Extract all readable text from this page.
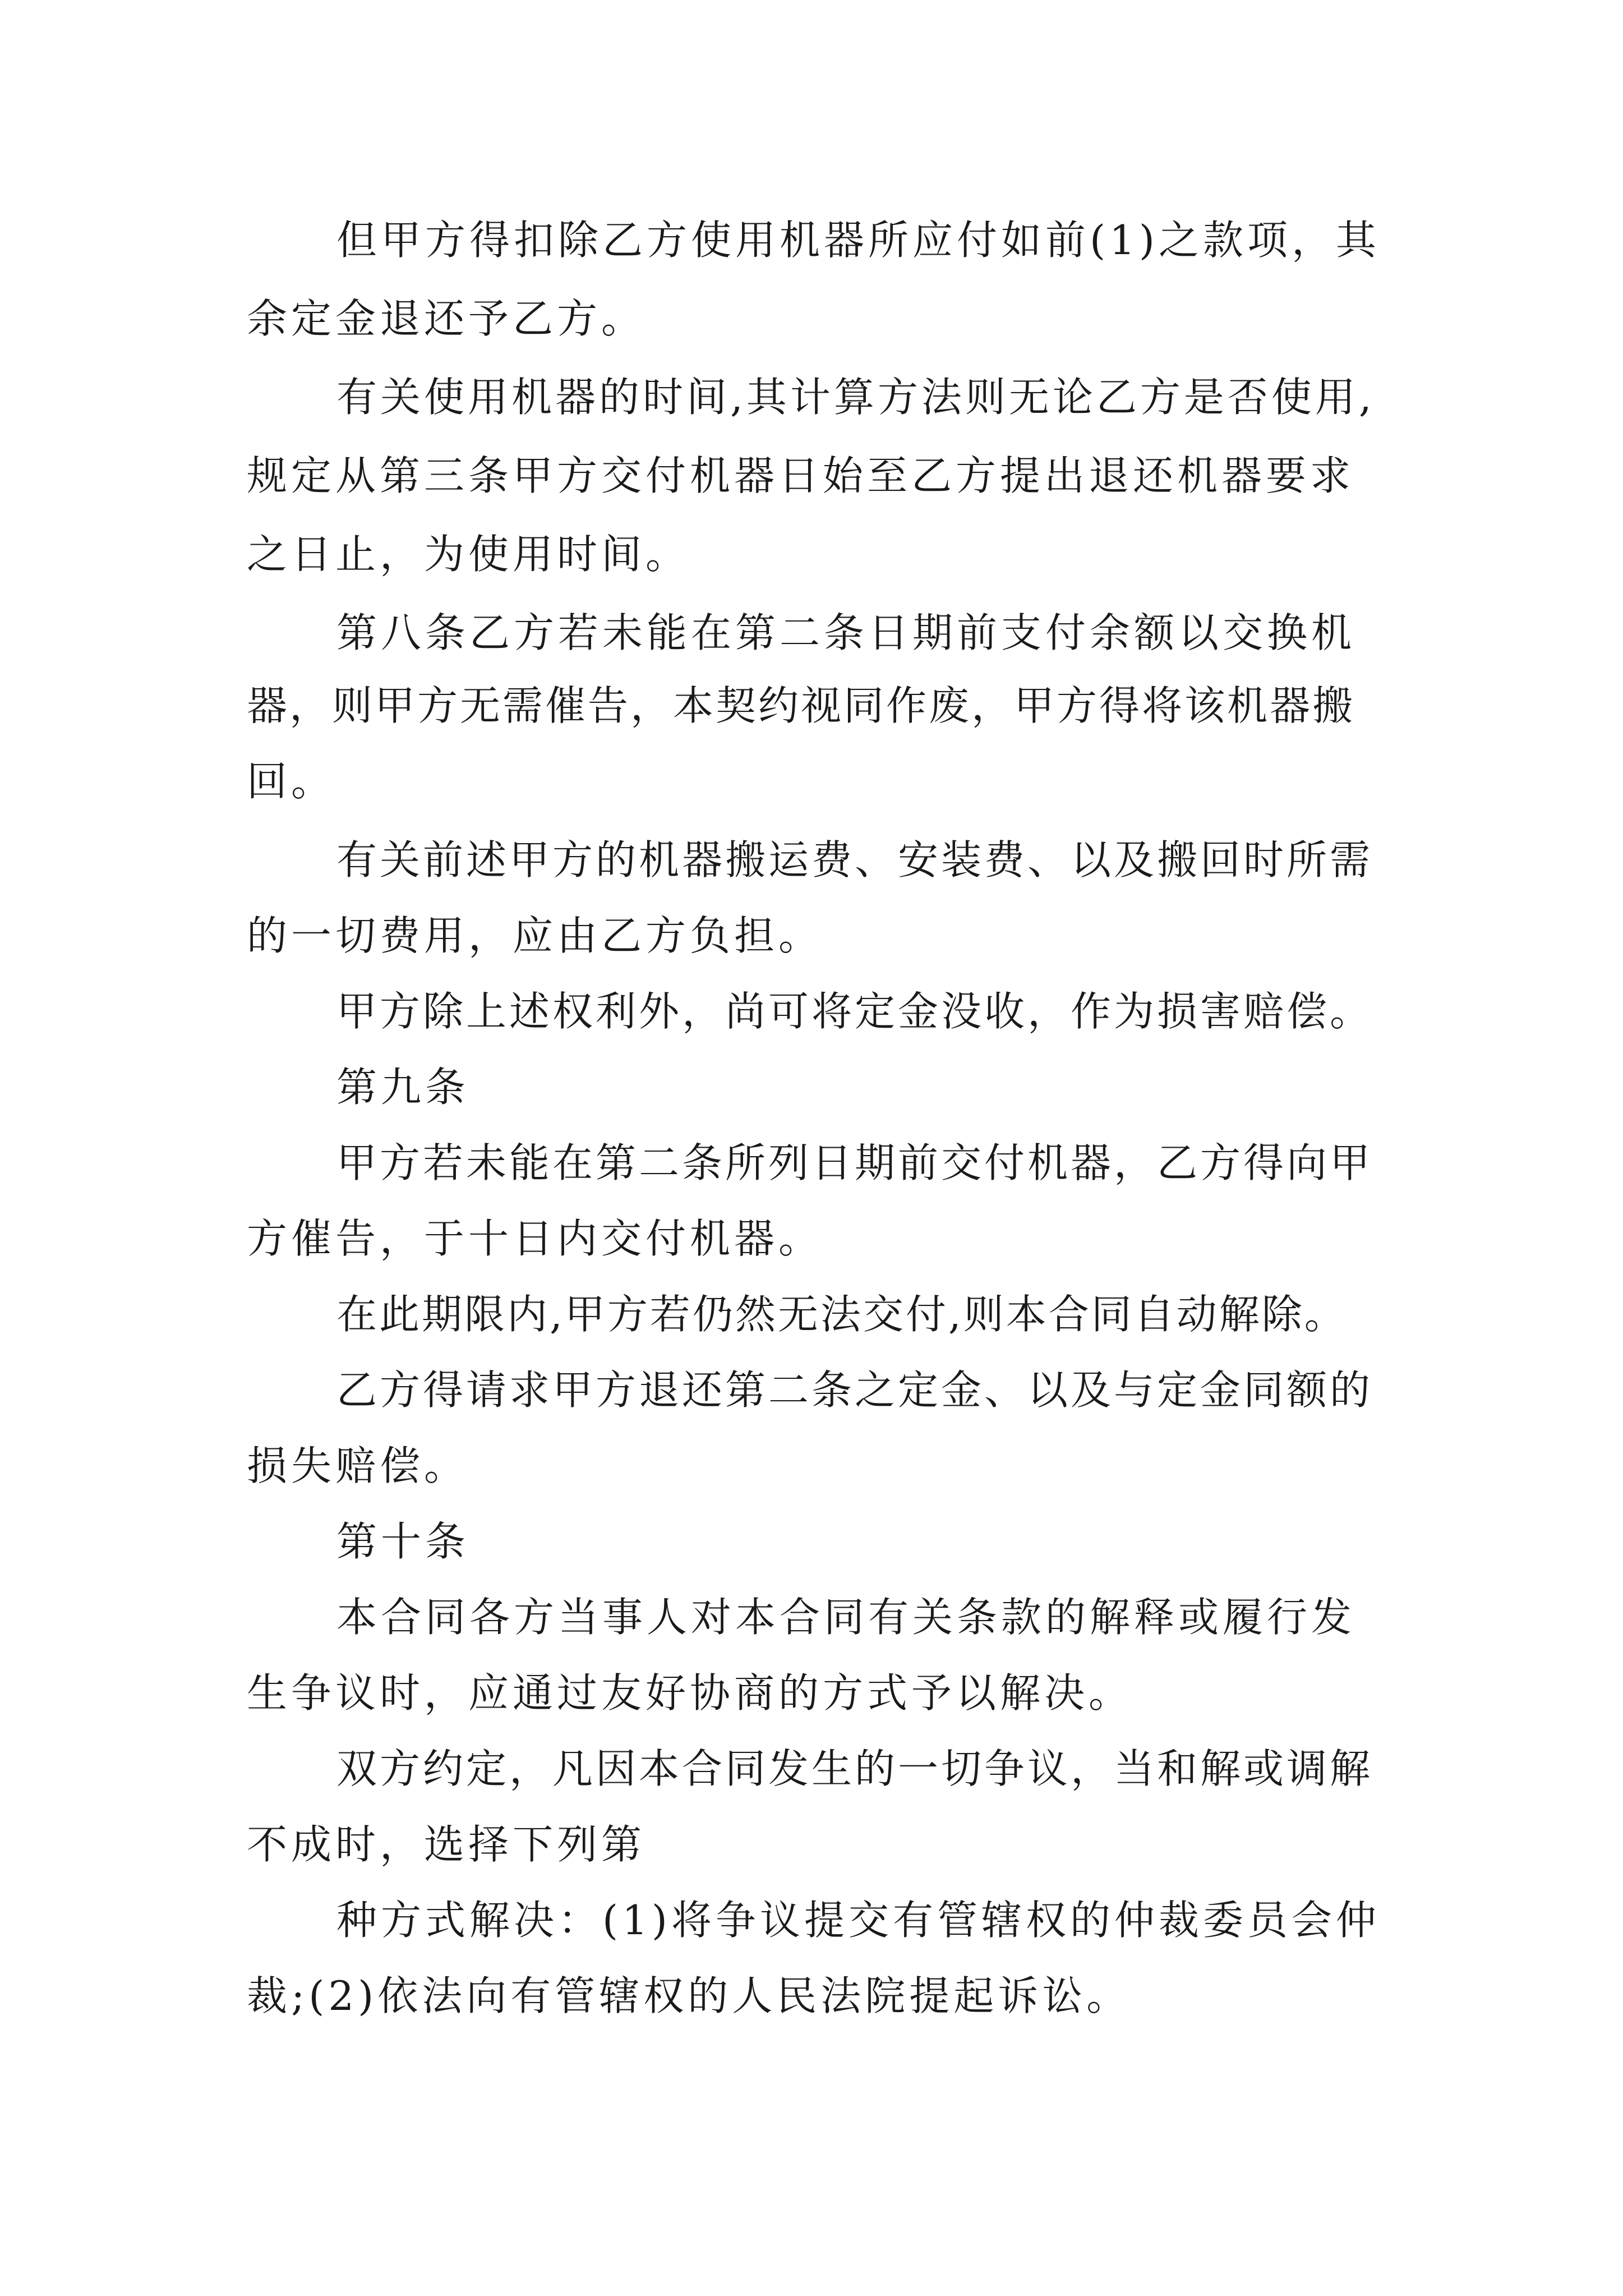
但甲方得扣除乙方使用机器所应付如前(1)之款项，其

余定金退还予乙方。

有关使用机器的时间,其计算方法则无论乙方是否使用,

规定从第三条甲方交付机器日始至乙方提出退还机器要求

之日止，为使用时间。

第八条乙方若未能在第二条日期前支付余额以交换机

器，则甲方无需催告，本契约视同作废，甲方得将该机器搬

回。

有关前述甲方的机器搬运费、安装费、以及搬回时所需

的一切费用，应由乙方负担。

甲方除上述权利外，尚可将定金没收，作为损害赔偿。

第九条

甲方若未能在第二条所列日期前交付机器，乙方得向甲

方催告，于十日内交付机器。

在此期限内,甲方若仍然无法交付,则本合同自动解除。

乙方得请求甲方退还第二条之定金、以及与定金同额的

损失赔偿。

第十条

本合同各方当事人对本合同有关条款的解释或履行发

生争议时，应通过友好协商的方式予以解决。

双方约定，凡因本合同发生的一切争议，当和解或调解

不成时，选择下列第

种方式解决：(1)将争议提交有管辖权的仲裁委员会仲

裁;(2)依法向有管辖权的人民法院提起诉讼。
